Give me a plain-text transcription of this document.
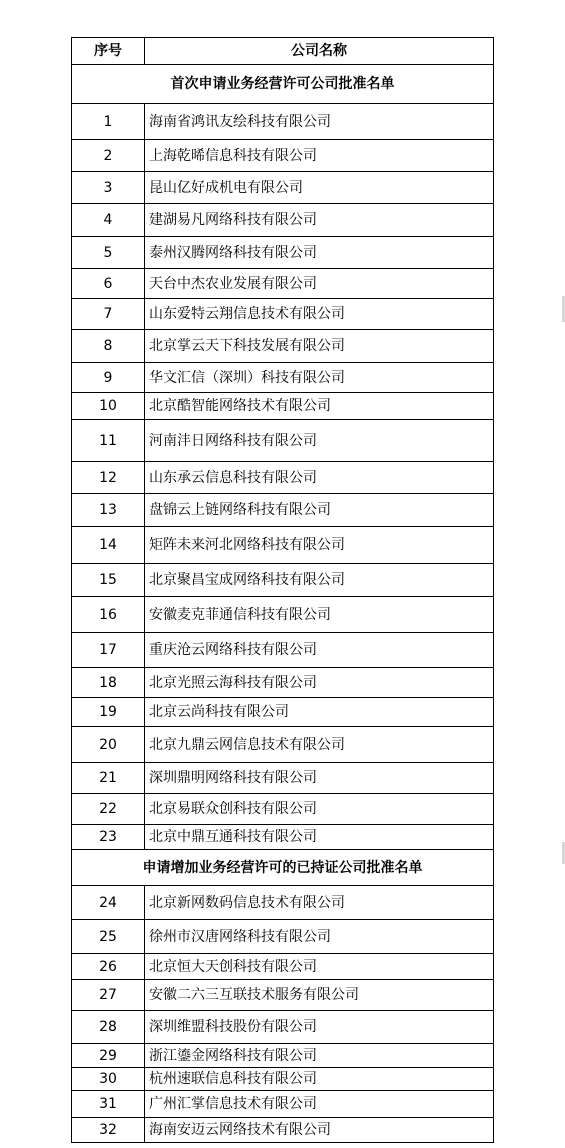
序号	公司名称
首次申请业务经营许可公司批准名单	
1	海南省鸿讯友绘科技有限公司
2	上海乾晞信息科技有限公司
3	昆山亿好成机电有限公司
4	建湖易凡网络科技有限公司
5	泰州汉腾网络科技有限公司
6	天台中杰农业发展有限公司
7	山东爱特云翔信息技术有限公司
8	北京掌云天下科技发展有限公司
9	华文汇信（深圳）科技有限公司
10	北京酷智能网络技术有限公司
11	河南沣日网络科技有限公司
12	山东承云信息科技有限公司
13	盘锦云上链网络科技有限公司
14	矩阵未来河北网络科技有限公司
15	北京聚昌宝成网络科技有限公司
16	安徽麦克菲通信科技有限公司
17	重庆沧云网络科技有限公司
18	北京光照云海科技有限公司
19	北京云尚科技有限公司
20	北京九鼎云网信息技术有限公司
21	深圳鼎明网络科技有限公司
22	北京易联众创科技有限公司
23	北京中鼎互通科技有限公司
申请增加业务经营许可的已持证公司批准名单	
24	北京新网数码信息技术有限公司
25	徐州市汉唐网络科技有限公司
26	北京恒大天创科技有限公司
27	安徽二六三互联技术服务有限公司
28	深圳维盟科技股份有限公司
29	浙江鎏金网络科技有限公司
30	杭州速联信息科技有限公司
31	广州汇掌信息技术有限公司
32	海南安迈云网络技术有限公司
